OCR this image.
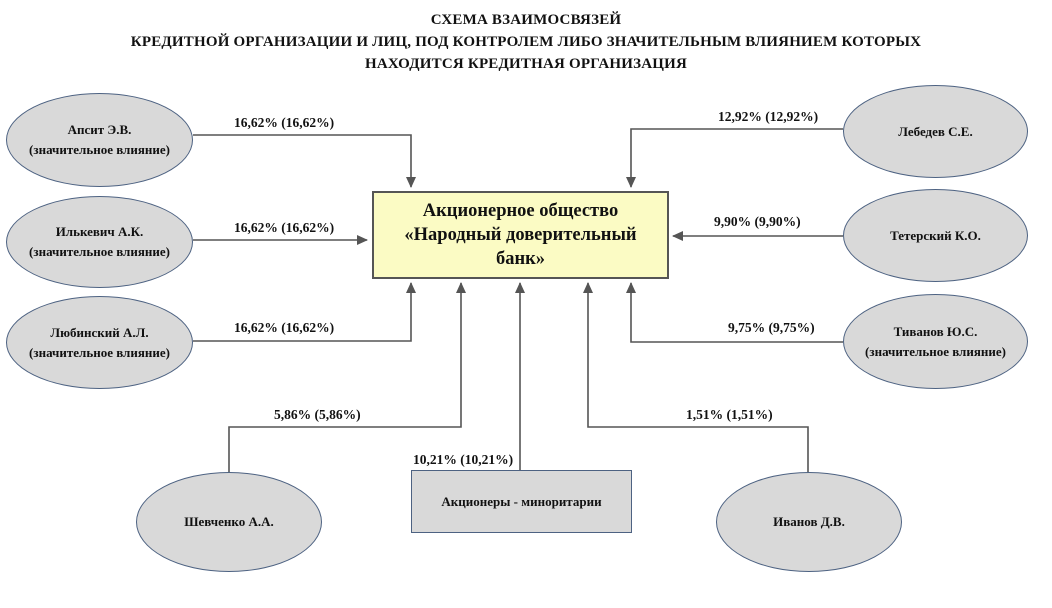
СХЕМА ВЗАИМОСВЯЗЕЙ
КРЕДИТНОЙ ОРГАНИЗАЦИИ И ЛИЦ, ПОД КОНТРОЛЕМ ЛИБО ЗНАЧИТЕЛЬНЫМ ВЛИЯНИЕМ КОТОРЫХ
НАХОДИТСЯ КРЕДИТНАЯ ОРГАНИЗАЦИЯ
Акционерное общество
«Народный доверительный
банк»
Апсит Э.В.
(значительное влияние)
Илькевич А.К.
(значительное влияние)
Любинский А.Л.
(значительное влияние)
Шевченко А.А.
Лебедев С.Е.
Тетерский К.О.
Тиванов Ю.С.
(значительное влияние)
Иванов Д.В.
Акционеры - миноритарии
16,62% (16,62%)
16,62% (16,62%)
16,62% (16,62%)
5,86% (5,86%)
10,21% (10,21%)
1,51% (1,51%)
12,92% (12,92%)
9,90% (9,90%)
9,75% (9,75%)
